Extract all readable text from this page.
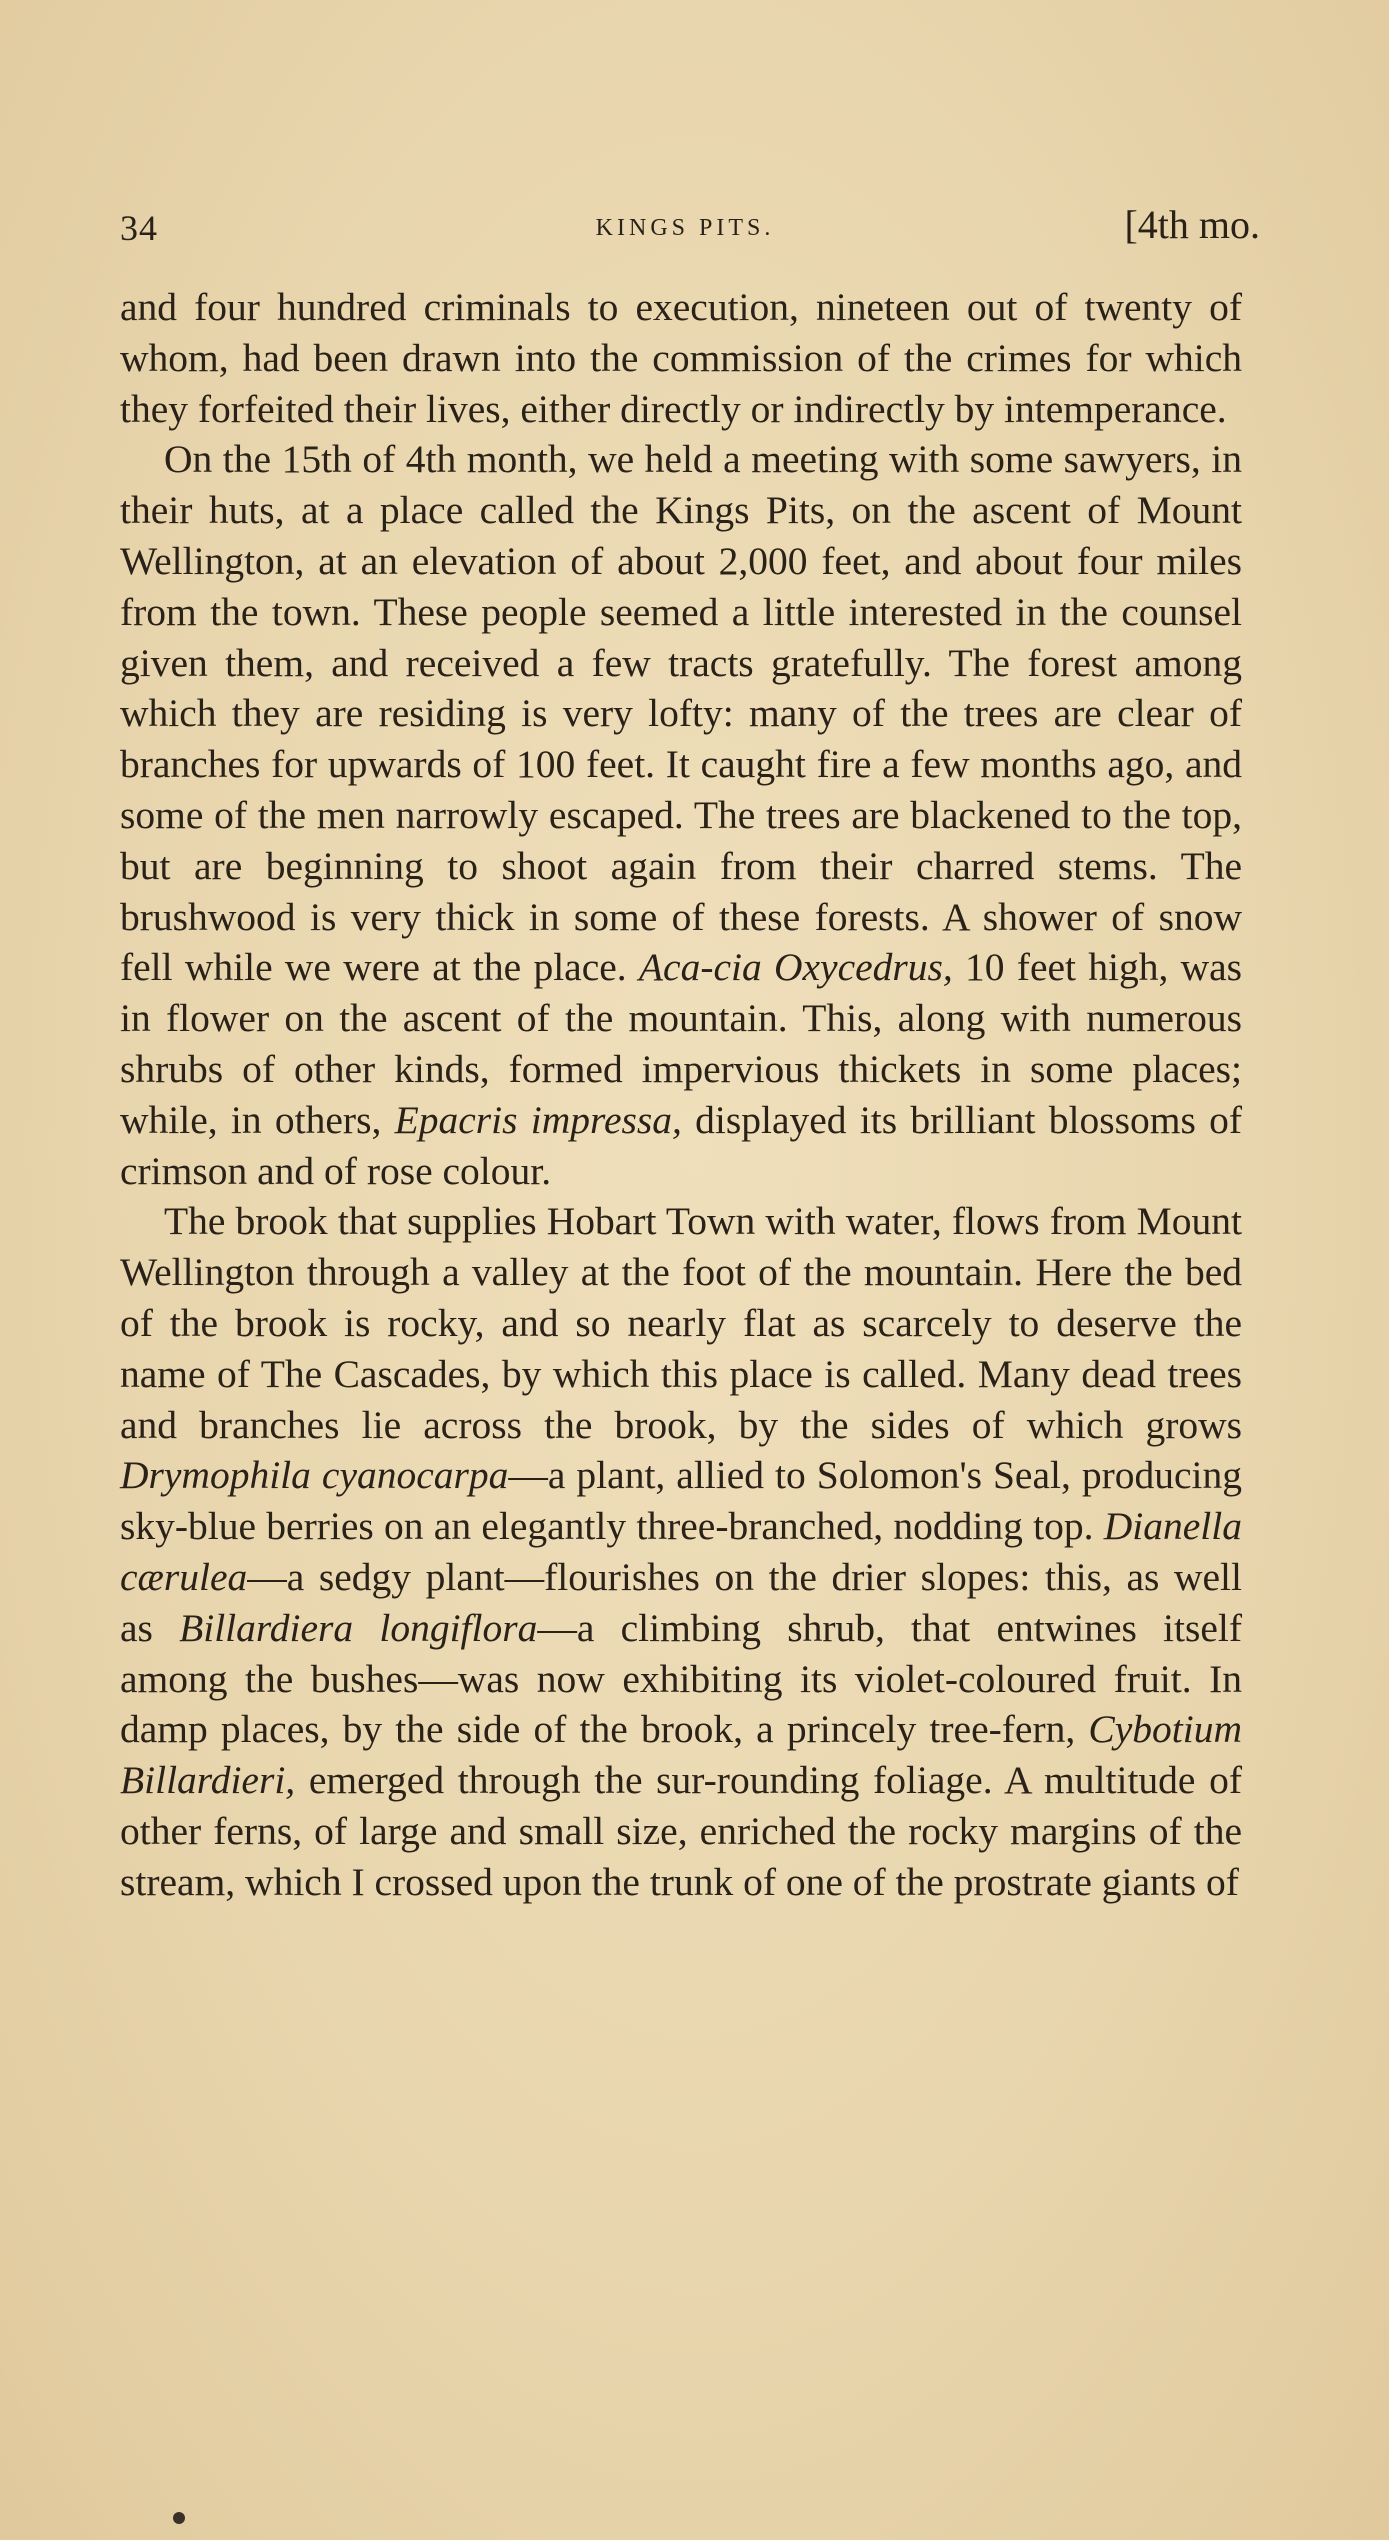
34	KINGS PITS.	[4th mo.

and four hundred criminals to execution, nineteen out of twenty of whom, had been drawn into the commission of the crimes for which they forfeited their lives, either directly or indirectly by intemperance.

On the 15th of 4th month, we held a meeting with some sawyers, in their huts, at a place called the Kings Pits, on the ascent of Mount Wellington, at an elevation of about 2,000 feet, and about four miles from the town. These people seemed a little interested in the counsel given them, and received a few tracts gratefully. The forest among which they are residing is very lofty: many of the trees are clear of branches for upwards of 100 feet. It caught fire a few months ago, and some of the men narrowly escaped. The trees are blackened to the top, but are beginning to shoot again from their charred stems. The brushwood is very thick in some of these forests. A shower of snow fell while we were at the place. Aca-cia Oxycedrus, 10 feet high, was in flower on the ascent of the mountain. This, along with numerous shrubs of other kinds, formed impervious thickets in some places; while, in others, Epacris impressa, displayed its brilliant blossoms of crimson and of rose colour.

The brook that supplies Hobart Town with water, flows from Mount Wellington through a valley at the foot of the mountain. Here the bed of the brook is rocky, and so nearly flat as scarcely to deserve the name of The Cascades, by which this place is called. Many dead trees and branches lie across the brook, by the sides of which grows Drymophila cyanocarpa—a plant, allied to Solomon's Seal, producing sky-blue berries on an elegantly three-branched, nodding top. Dianella cærulea—a sedgy plant—flourishes on the drier slopes: this, as well as Billardiera longiflora—a climbing shrub, that entwines itself among the bushes—was now exhibiting its violet-coloured fruit. In damp places, by the side of the brook, a princely tree-fern, Cybotium Billardieri, emerged through the sur-rounding foliage. A multitude of other ferns, of large and small size, enriched the rocky margins of the stream, which I crossed upon the trunk of one of the prostrate giants of
